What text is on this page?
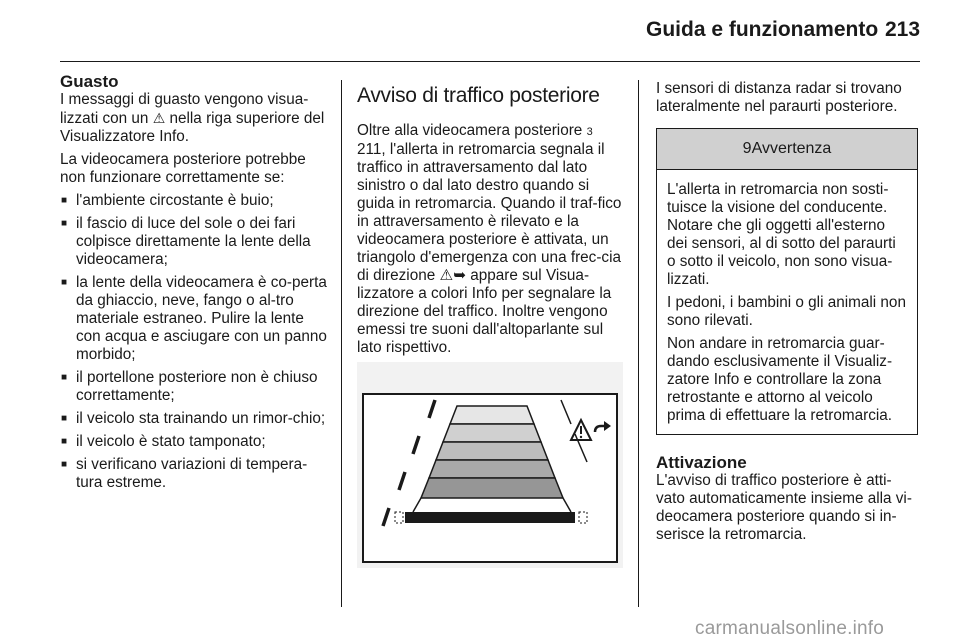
Guida e funzionamento 213
Guasto

I messaggi di guasto vengono visua-lizzati con un ⚠ nella riga superiore del Visualizzatore Info.

La videocamera posteriore potrebbe non funzionare correttamente se:

■ l'ambiente circostante è buio;
■ il fascio di luce del sole o dei fari colpisce direttamente la lente della videocamera;
■ la lente della videocamera è co-perta da ghiaccio, neve, fango o al-tro materiale estraneo. Pulire la lente con acqua e asciugare con un panno morbido;
■ il portellone posteriore non è chiuso correttamente;
■ il veicolo sta trainando un rimor-chio;
■ il veicolo è stato tamponato;
■ si verificano variazioni di tempera-tura estreme.
Avviso di traffico posteriore

Oltre alla videocamera posteriore 3 211, l'allerta in retromarcia segnala il traffico in attraversamento dal lato sinistro o dal lato destro quando si guida in retromarcia. Quando il traf-fico in attraversamento è rilevato e la videocamera posteriore è attivata, un triangolo d'emergenza con una frec-cia di direzione ⚠➥ appare sul Visua-lizzatore a colori Info per segnalare la direzione del traffico. Inoltre vengono emessi tre suoni dall'altoparlante sul lato rispettivo.

I sensori di distanza radar si trovano lateralmente nel paraurti posteriore.

9 Avvertenza

L'allerta in retromarcia non sosti-tuisce la visione del conducente. Notare che gli oggetti all'esterno dei sensori, al di sotto del paraurti o sotto il veicolo, non sono visua-lizzati.

I pedoni, i bambini o gli animali non sono rilevati.

Non andare in retromarcia guar-dando esclusivamente il Visualiz-zatore Info e controllare la zona retrostante e attorno al veicolo prima di effettuare la retromarcia.

Attivazione

L'avviso di traffico posteriore è atti-vato automaticamente insieme alla vi-deocamera posteriore quando si in-serisce la retromarcia.

carmanualsonline.info
